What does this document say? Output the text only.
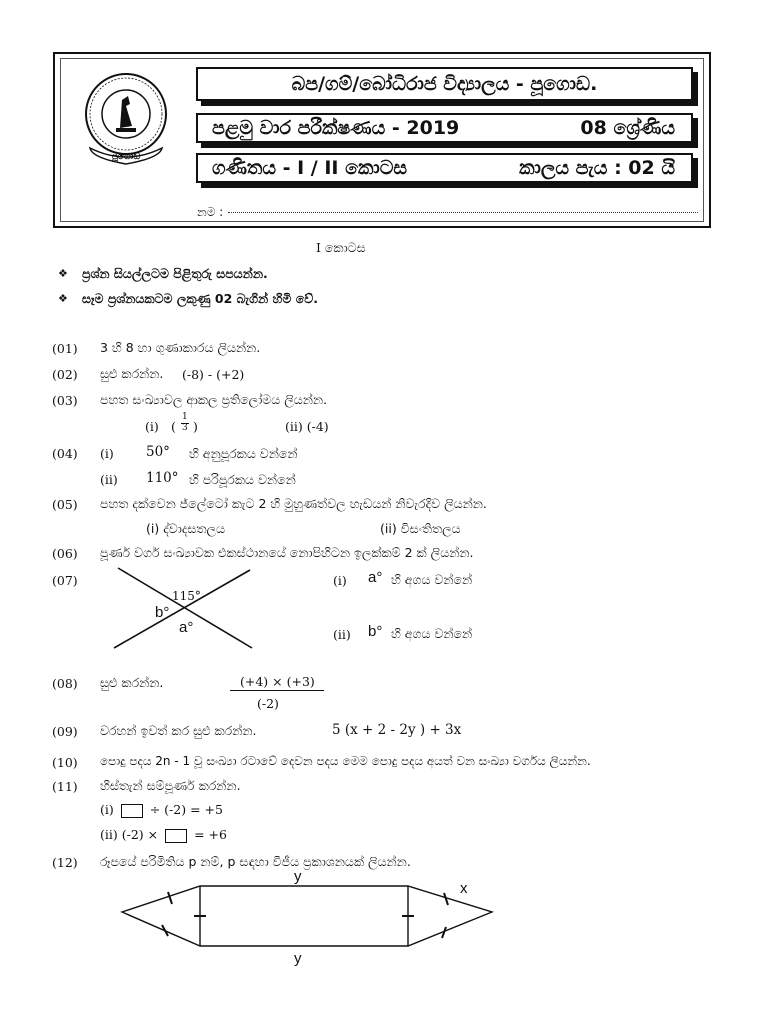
පූගොඩ
බප/ගම්/බෝධිරාජ විද්‍යාලය - පූගොඩ.
පළමු වාර පරීක්ෂණය - 2019	08 ශ්‍රේණිය
ගණිතය - I / II කොටස	කාලය පැය : 02 යි
නම :
I කොටස
❖ ප්‍රශ්න සියල්ලටම පිළිතුරු සපයන්න.
❖ සෑම ප්‍රශ්නයකටම ලකුණු 02 බැගින් හිමි වේ.
(01) 3 හි 8 හා ගුණාකාරය ලියන්න.
(02) සුළු කරන්න. (-8) - (+2)
(03) පහත සංඛ්‍යාවල ආකල ප්‍රතිලෝමය ලියන්න.
(i) (
1
3 )	(ii) (-4)
(04) (i) 50° හි අනුපූරකය වන්නේ
(ii) 110° හි පරිපූරකය වන්නේ
(05) පහත දක්වෙන ජ්ලේටෝ කැට 2 හි මුහුණත්වල හැඩයන් නිවැරදිව ලියන්න.
(i) ද්වාදසතලය	(ii) විසංතිතලය
(06) පූර්ණ වර්ග සංඛ්‍යාවක එකස්ථානයේ නොපිහිටන ඉලක්කම් 2 ක් ලියන්න.
(07)
115°
b°
a°
(i) a° හි අගය වන්නේ
(ii) b° හි අගය වන්නේ
(08) සුළු කරන්න.	(+4) × (+3)
(-2)
(09) වරහන් ඉවත් කර සුළු කරන්න.	5 (x + 2 - 2y ) + 3x
(10) පොදු පදය 2n - 1 වූ සංඛ්‍යා රටාවේ දෙවන පදය මෙම පොදු පදය අයත් වන සංඛ්‍යා වර්ගය ලියන්න.
(11) හිස්තැන් සම්පූර්ණ කරන්න.
(i)	÷ (-2) = +5
(ii) (-2) ×	= +6
(12) රූපයේ පරිමිතිය p නම්, p සඳහා වීජීය ප්‍රකාශනයක් ලියන්න.
y
y
x
